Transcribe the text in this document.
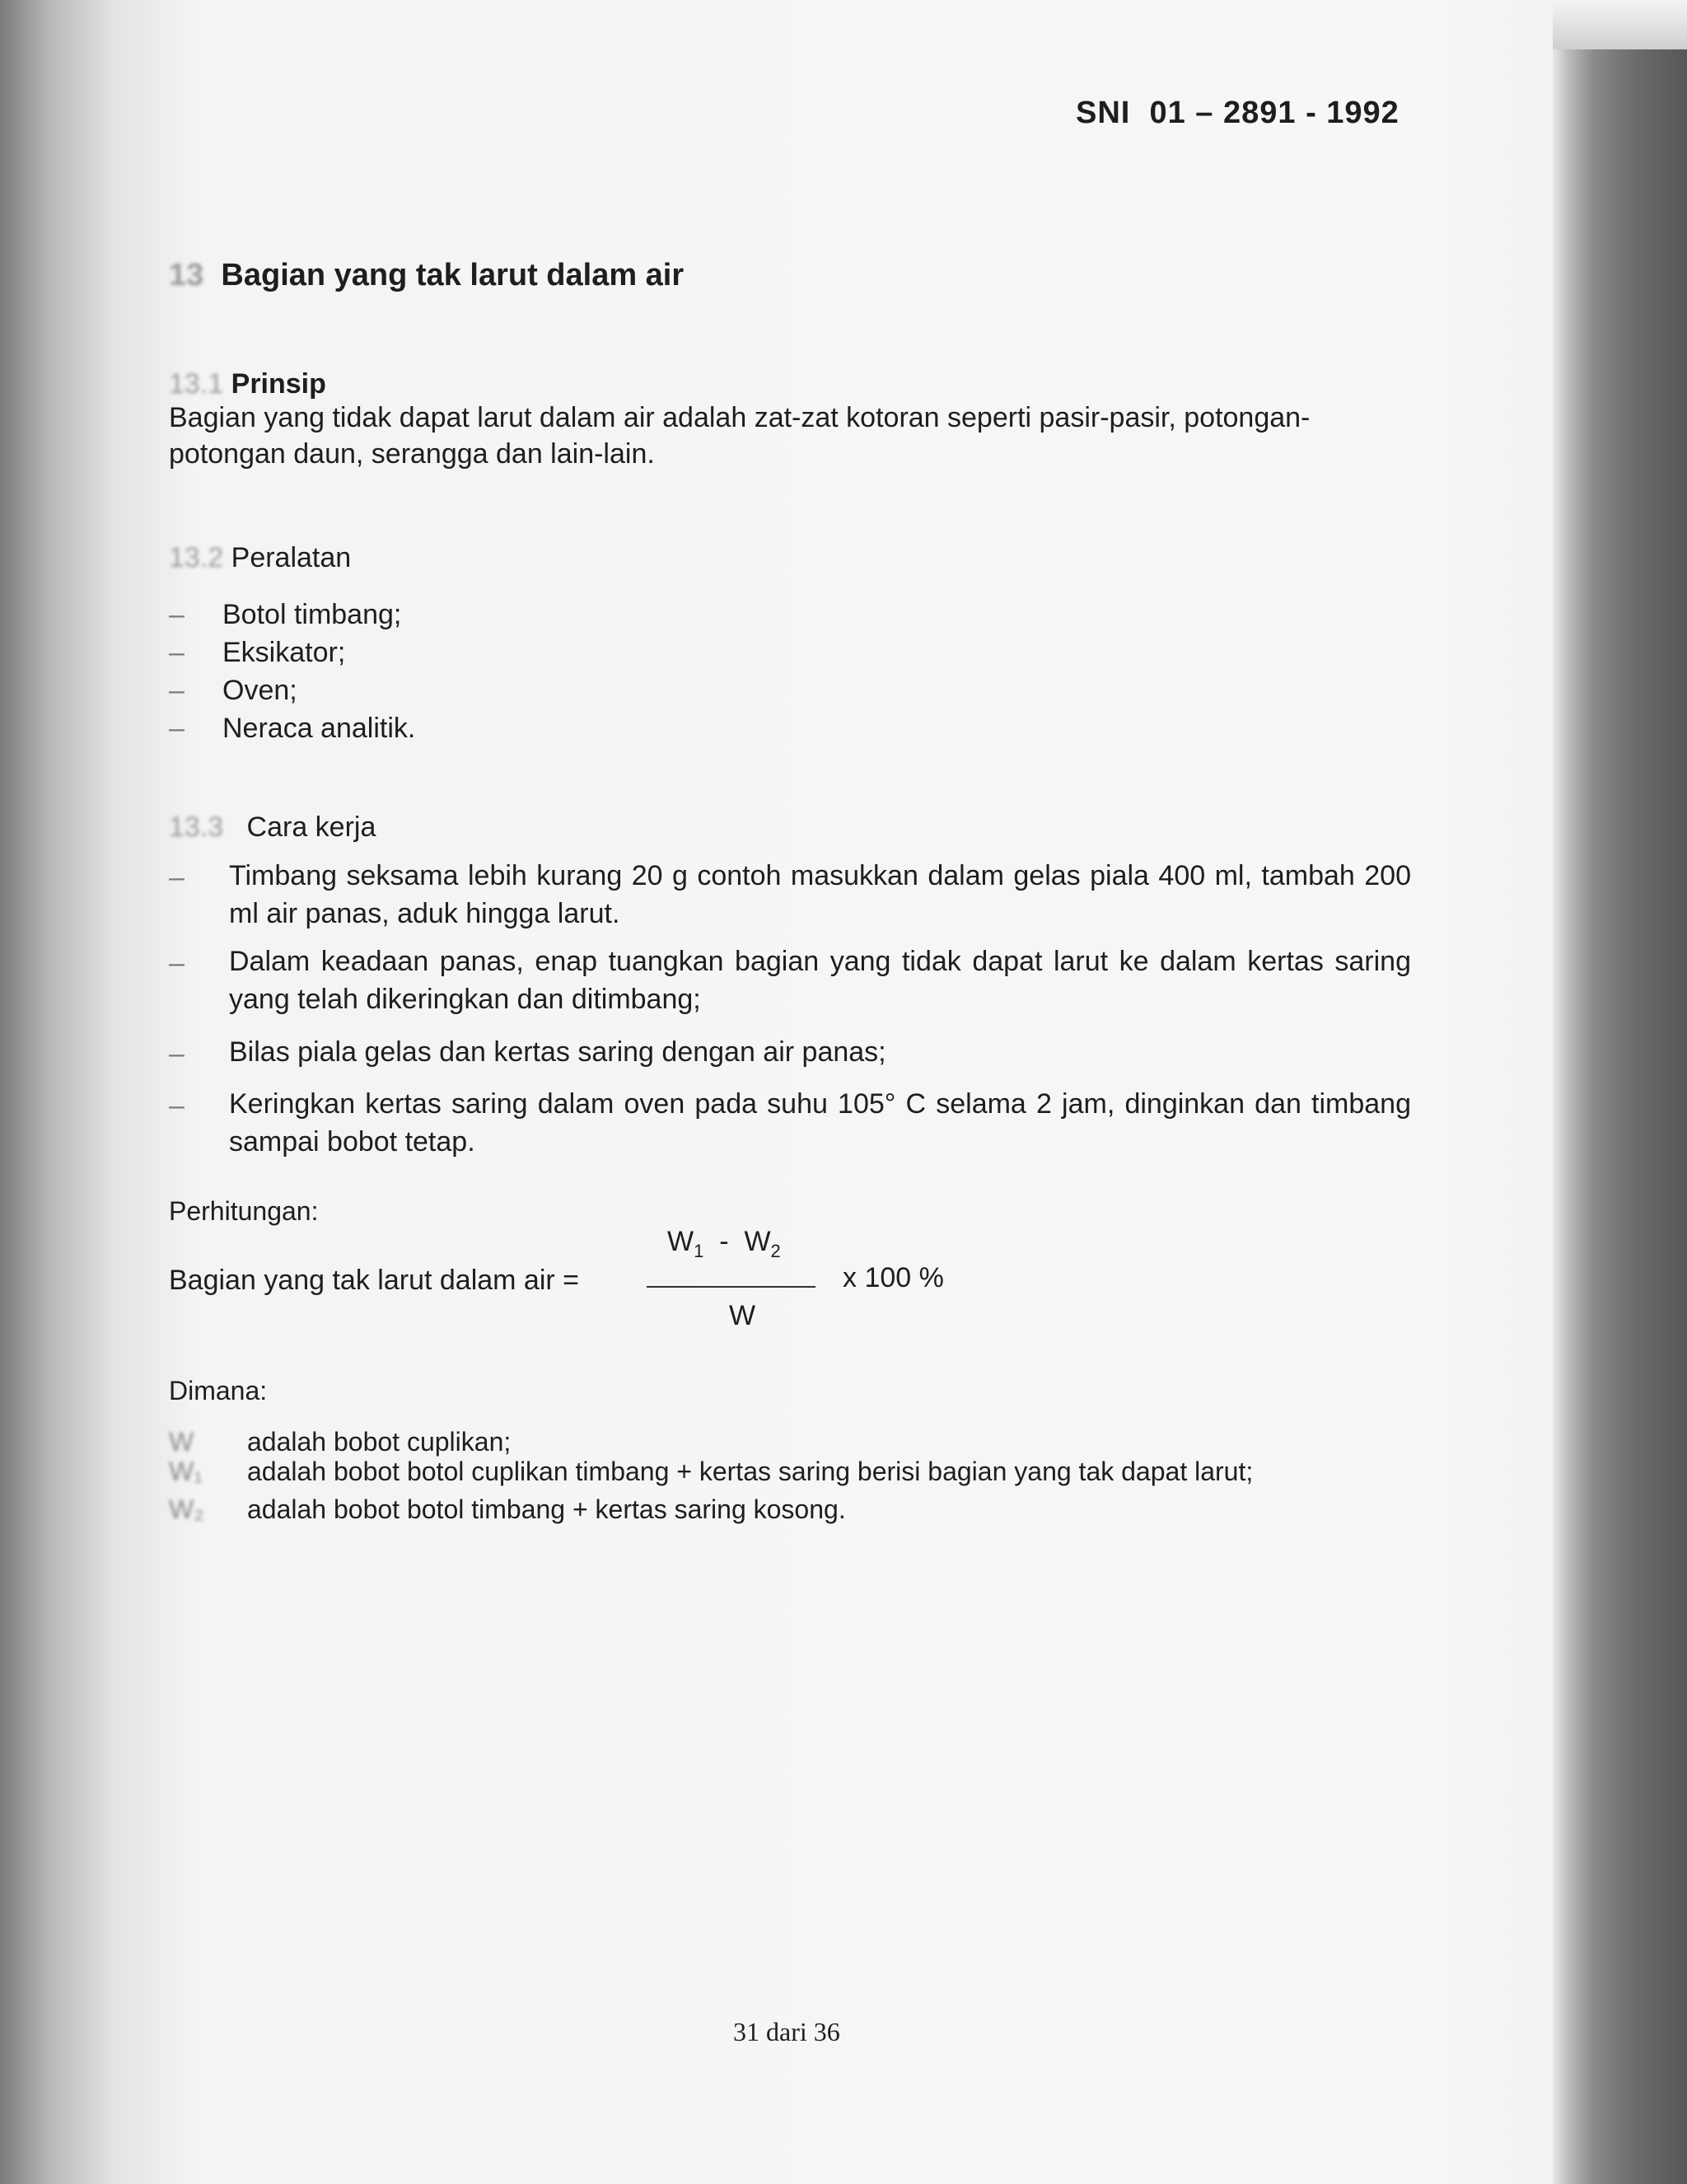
SNI  01 – 2891 - 1992
13 Bagian yang tak larut dalam air
13.1 Prinsip
Bagian yang tidak dapat larut dalam air adalah zat-zat kotoran seperti pasir-pasir, potongan-potongan daun, serangga dan lain-lain.
13.2 Peralatan
– Botol timbang;
– Eksikator;
– Oven;
– Neraca analitik.
13.3 Cara kerja
– Timbang seksama lebih kurang 20 g contoh masukkan dalam gelas piala 400 ml, tambah 200 ml air panas, aduk hingga larut.
– Dalam keadaan panas, enap tuangkan bagian yang tidak dapat larut ke dalam kertas saring yang telah dikeringkan dan ditimbang;
– Bilas piala gelas dan kertas saring dengan air panas;
– Keringkan kertas saring dalam oven pada suhu 105° C selama 2 jam, dinginkan dan timbang sampai bobot tetap.
Perhitungan:
Bagian yang tak larut dalam air =
$W_1 - W_2$
W
x 100 %
Dimana:
W adalah bobot cuplikan;
W₁ adalah bobot botol cuplikan timbang + kertas saring berisi bagian yang tak dapat larut;
W₂ adalah bobot botol timbang + kertas saring kosong.
31 dari 36
